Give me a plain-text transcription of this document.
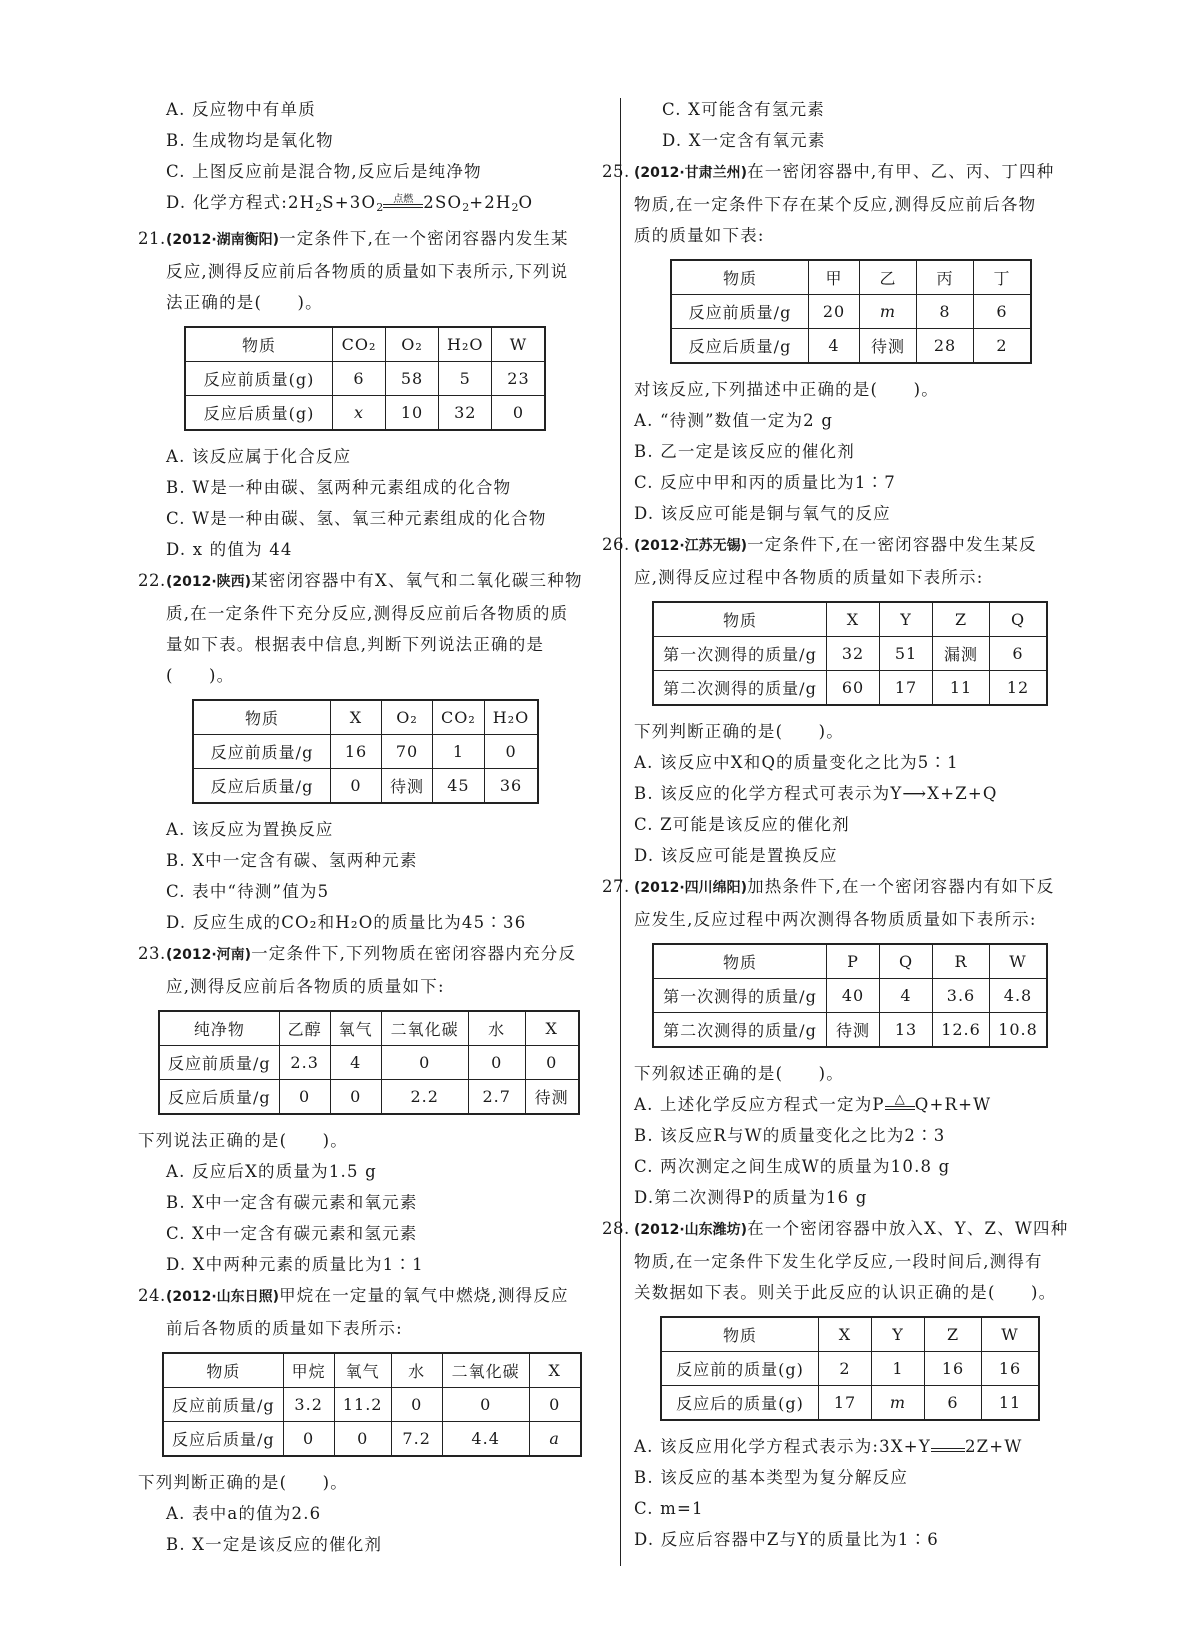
A. 反应物中有单质
B. 生成物均是氧化物
C. 上图反应前是混合物,反应后是纯净物
D. 化学方程式$:2H_2S+3O_2$
点燃 $2SO_2+2H_2O$
21. (2012·湖南衡阳)一定条件下,在一个密闭容器内发生某
反应,测得反应前后各物质的质量如下表所示,下列说
法正确的是(　　)。
物质	CO₂	O₂	H₂O	W
反应前质量(g)	6	58	5	23
反应后质量(g)	x	10	32	0
A. 该反应属于化合反应
B. W是一种由碳、氢两种元素组成的化合物
C. W是一种由碳、氢、氧三种元素组成的化合物
D. x 的值为 44
22. (2012·陕西)某密闭容器中有X、氧气和二氧化碳三种物
质,在一定条件下充分反应,测得反应前后各物质的质
量如下表。根据表中信息,判断下列说法正确的是
(　　)。
物质	X	O₂	CO₂	H₂O
反应前质量/g	16	70	1	0
反应后质量/g	0	待测	45	36
A. 该反应为置换反应
B. X中一定含有碳、氢两种元素
C. 表中“待测”值为5
D. 反应生成的CO₂和H₂O的质量比为45∶36
23. (2012·河南)一定条件下,下列物质在密闭容器内充分反
应,测得反应前后各物质的质量如下:
纯净物	乙醇	氧气	二氧化碳	水	X
反应前质量/g	2.3	4	0	0	0
反应后质量/g	0	0	2.2	2.7	待测
下列说法正确的是(　　)。
A. 反应后X的质量为1.5 g
B. X中一定含有碳元素和氧元素
C. X中一定含有碳元素和氢元素
D. X中两种元素的质量比为1∶1
24. (2012·山东日照)甲烷在一定量的氧气中燃烧,测得反应
前后各物质的质量如下表所示:
物质	甲烷	氧气	水	二氧化碳	X
反应前质量/g	3.2	11.2	0	0	0
反应后质量/g	0	0	7.2	4.4	a
下列判断正确的是(　　)。
A. 表中a的值为2.6
B. X一定是该反应的催化剂
C. X可能含有氢元素
D. X一定含有氧元素
25. (2012·甘肃兰州)在一密闭容器中,有甲、乙、丙、丁四种
物质,在一定条件下存在某个反应,测得反应前后各物
质的质量如下表:
物质	甲	乙	丙	丁
反应前质量/g	20	m	8	6
反应后质量/g	4	待测	28	2
对该反应,下列描述中正确的是(　　)。
A. “待测”数值一定为2 g
B. 乙一定是该反应的催化剂
C. 反应中甲和丙的质量比为1∶7
D. 该反应可能是铜与氧气的反应
26. (2012·江苏无锡)一定条件下,在一密闭容器中发生某反
应,测得反应过程中各物质的质量如下表所示:
物质	X	Y	Z	Q
第一次测得的质量/g	32	51	漏测	6
第二次测得的质量/g	60	17	11	12
下列判断正确的是(　　)。
A. 该反应中X和Q的质量变化之比为5∶1
B. 该反应的化学方程式可表示为Y⟶X+Z+Q
C. Z可能是该反应的催化剂
D. 该反应可能是置换反应
27. (2012·四川绵阳)加热条件下,在一个密闭容器内有如下反
应发生,反应过程中两次测得各物质质量如下表所示:
物质	P	Q	R	W
第一次测得的质量/g	40	4	3.6	4.8
第二次测得的质量/g	待测	13	12.6	10.8
下列叙述正确的是(　　)。
A. 上述化学反应方程式一定为P △ Q+R+W
B. 该反应R与W的质量变化之比为2∶3
C. 两次测定之间生成W的质量为10.8 g
D.第二次测得P的质量为16 g
28. (2012·山东潍坊)在一个密闭容器中放入X、Y、Z、W四种
物质,在一定条件下发生化学反应,一段时间后,测得有
关数据如下表。则关于此反应的认识正确的是(　　)。
物质	X	Y	Z	W
反应前的质量(g)	2	1	16	16
反应后的质量(g)	17	m	6	11
A. 该反应用化学方程式表示为:3X+Y 2Z+W
B. 该反应的基本类型为复分解反应
C. m=1
D. 反应后容器中Z与Y的质量比为1∶6
